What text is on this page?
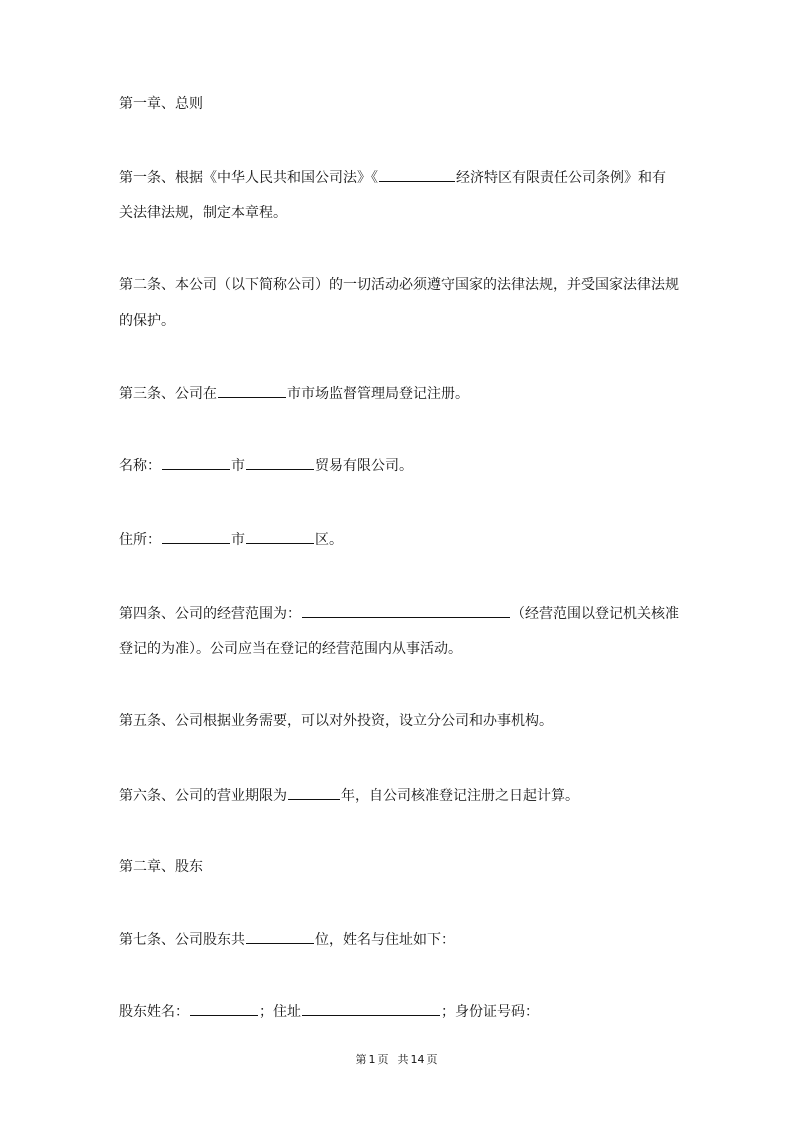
第一章、总则
第一条、根据《中华人民共和国公司法》《	经济特区有限责任公司条例》和有
关法律法规，制定本章程。
第二条、本公司（以下简称公司）的一切活动必须遵守国家的法律法规，并受国家法律法规
的保护。
第三条、公司在	市市场监督管理局登记注册。
名称：	市	贸易有限公司。
住所：	市	区。
第四条、公司的经营范围为：	（经营范围以登记机关核准
登记的为准）。公司应当在登记的经营范围内从事活动。
第五条、公司根据业务需要，可以对外投资，设立分公司和办事机构。
第六条、公司的营业期限为	年，自公司核准登记注册之日起计算。
第二章、股东
第七条、公司股东共	位，姓名与住址如下：
股东姓名：	；住址	；身份证号码：
第 1 页 共 14 页
